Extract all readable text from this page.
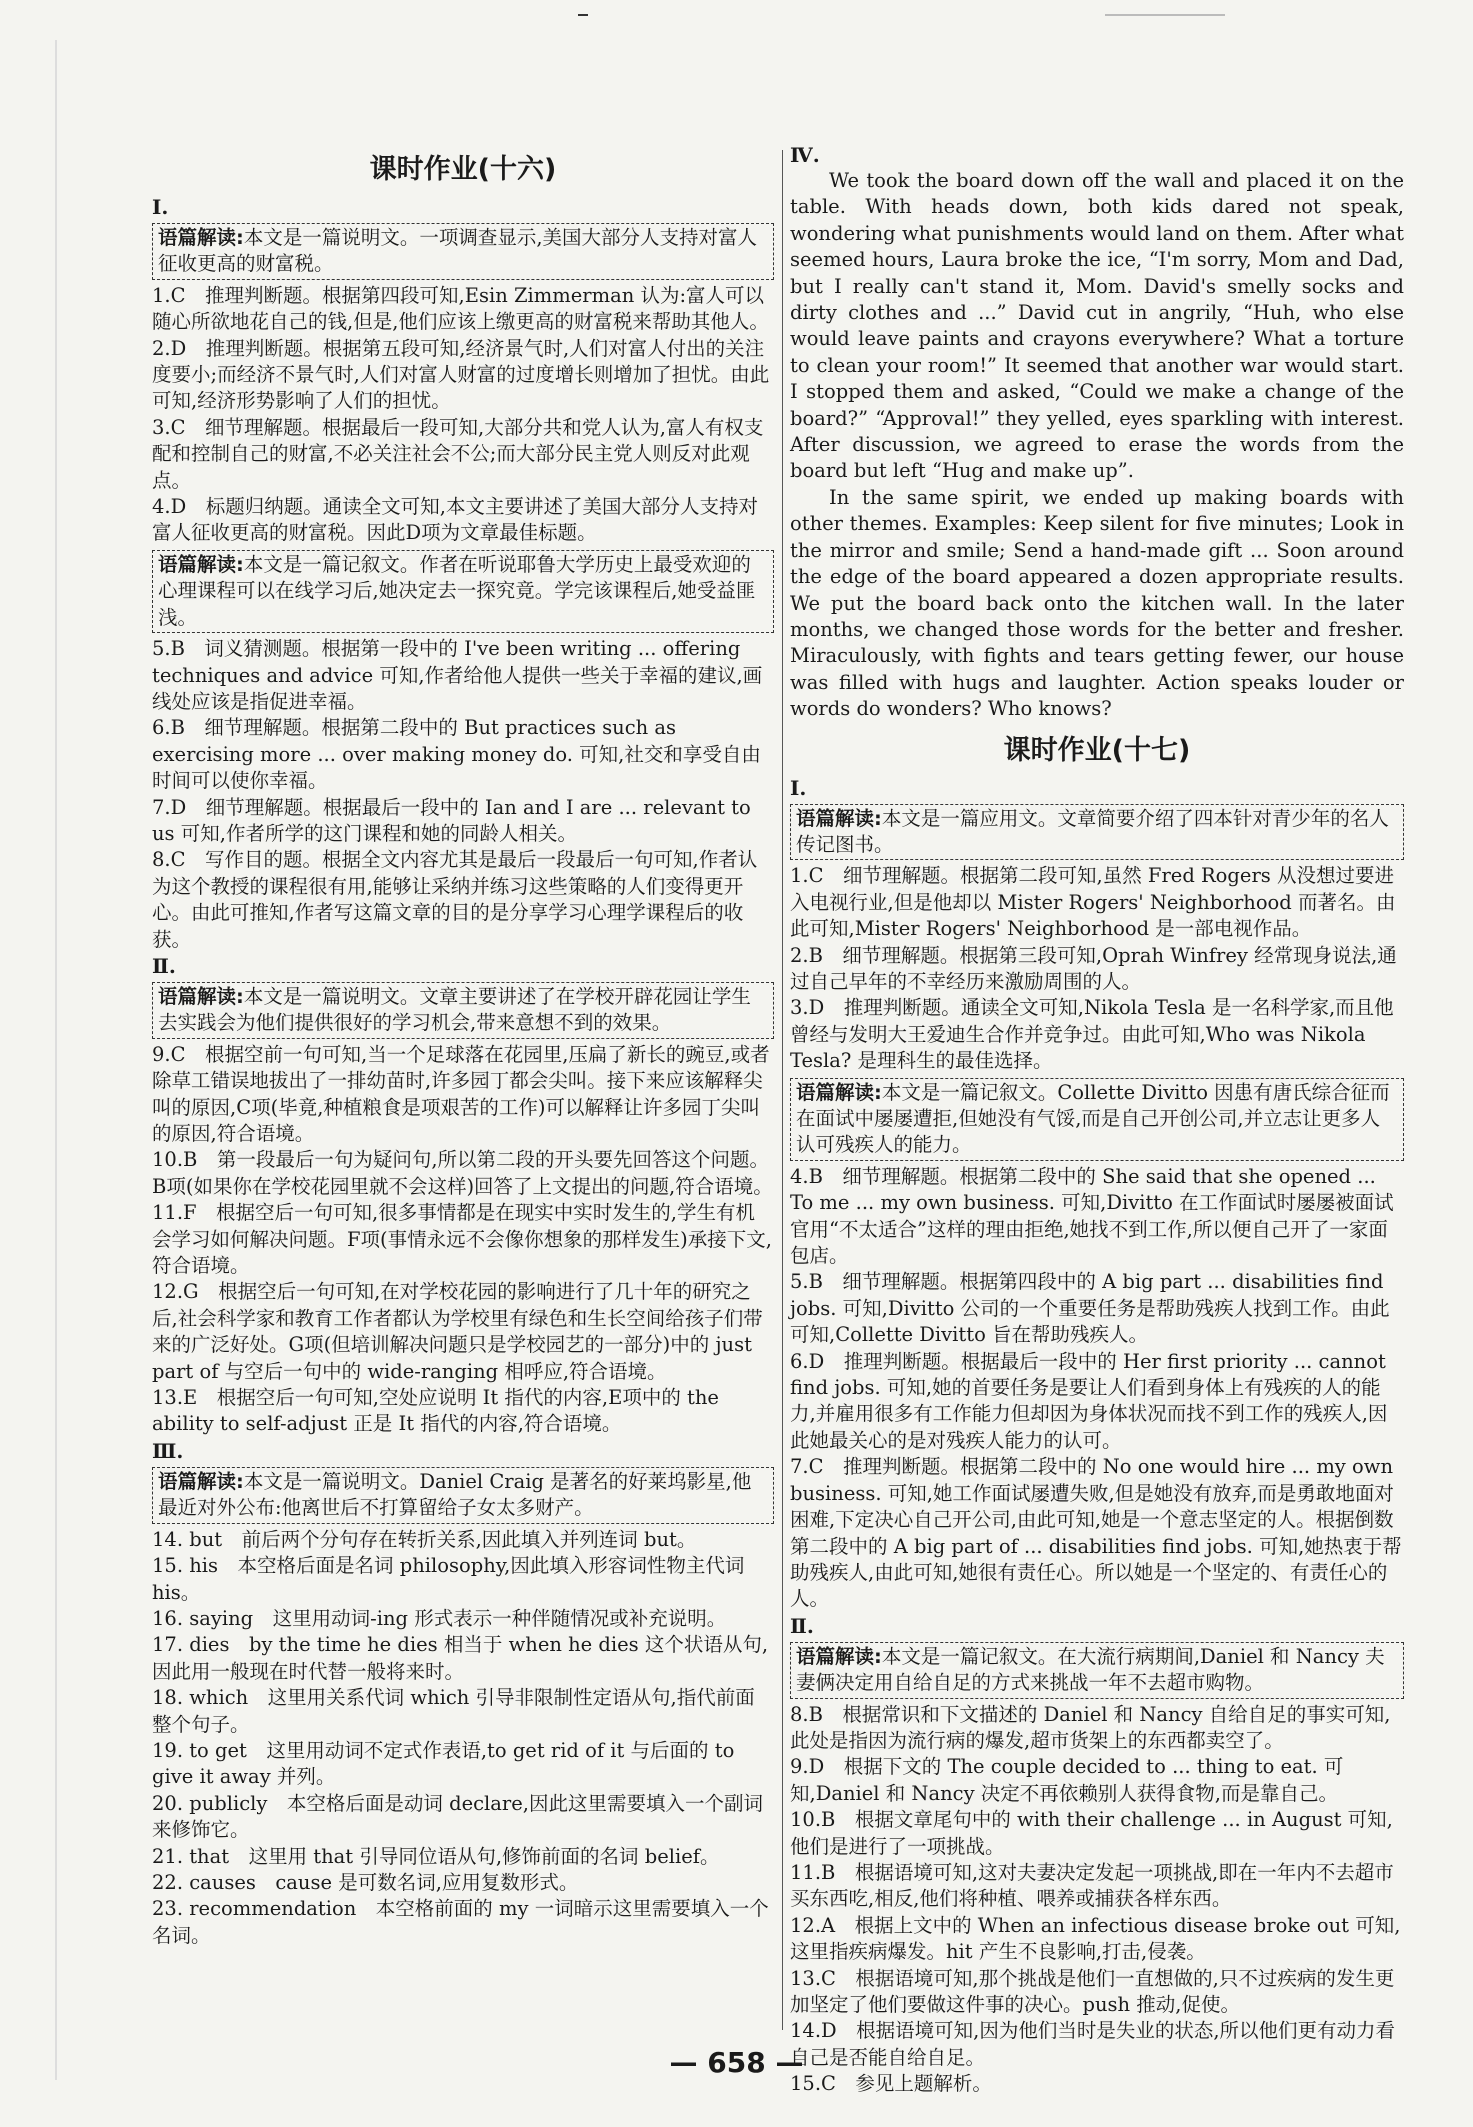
课时作业(十六)
Ⅰ.
语篇解读:本文是一篇说明文。一项调查显示,美国大部分人支持对富人征收更高的财富税。

1.C　推理判断题。根据第四段可知,Esin Zimmerman 认为:富人可以随心所欲地花自己的钱,但是,他们应该上缴更高的财富税来帮助其他人。

2.D　推理判断题。根据第五段可知,经济景气时,人们对富人付出的关注度要小;而经济不景气时,人们对富人财富的过度增长则增加了担忧。由此可知,经济形势影响了人们的担忧。

3.C　细节理解题。根据最后一段可知,大部分共和党人认为,富人有权支配和控制自己的财富,不必关注社会不公;而大部分民主党人则反对此观点。

4.D　标题归纳题。通读全文可知,本文主要讲述了美国大部分人支持对富人征收更高的财富税。因此D项为文章最佳标题。

语篇解读:本文是一篇记叙文。作者在听说耶鲁大学历史上最受欢迎的心理课程可以在线学习后,她决定去一探究竟。学完该课程后,她受益匪浅。

5.B　词义猜测题。根据第一段中的 I've been writing ... offering techniques and advice 可知,作者给他人提供一些关于幸福的建议,画线处应该是指促进幸福。

6.B　细节理解题。根据第二段中的 But practices such as exercising more ... over making money do. 可知,社交和享受自由时间可以使你幸福。

7.D　细节理解题。根据最后一段中的 Ian and I are ... relevant to us 可知,作者所学的这门课程和她的同龄人相关。

8.C　写作目的题。根据全文内容尤其是最后一段最后一句可知,作者认为这个教授的课程很有用,能够让采纳并练习这些策略的人们变得更开心。由此可推知,作者写这篇文章的目的是分享学习心理学课程后的收获。

Ⅱ.
语篇解读:本文是一篇说明文。文章主要讲述了在学校开辟花园让学生去实践会为他们提供很好的学习机会,带来意想不到的效果。

9.C　根据空前一句可知,当一个足球落在花园里,压扁了新长的豌豆,或者除草工错误地拔出了一排幼苗时,许多园丁都会尖叫。接下来应该解释尖叫的原因,C项(毕竟,种植粮食是项艰苦的工作)可以解释让许多园丁尖叫的原因,符合语境。

10.B　第一段最后一句为疑问句,所以第二段的开头要先回答这个问题。B项(如果你在学校花园里就不会这样)回答了上文提出的问题,符合语境。

11.F　根据空后一句可知,很多事情都是在现实中实时发生的,学生有机会学习如何解决问题。F项(事情永远不会像你想象的那样发生)承接下文,符合语境。

12.G　根据空后一句可知,在对学校花园的影响进行了几十年的研究之后,社会科学家和教育工作者都认为学校里有绿色和生长空间给孩子们带来的广泛好处。G项(但培训解决问题只是学校园艺的一部分)中的 just part of 与空后一句中的 wide-ranging 相呼应,符合语境。

13.E　根据空后一句可知,空处应说明 It 指代的内容,E项中的 the ability to self-adjust 正是 It 指代的内容,符合语境。

Ⅲ.
语篇解读:本文是一篇说明文。Daniel Craig 是著名的好莱坞影星,他最近对外公布:他离世后不打算留给子女太多财产。

14. but　前后两个分句存在转折关系,因此填入并列连词 but。

15. his　本空格后面是名词 philosophy,因此填入形容词性物主代词 his。

16. saying　这里用动词-ing 形式表示一种伴随情况或补充说明。

17. dies　by the time he dies 相当于 when he dies 这个状语从句,因此用一般现在时代替一般将来时。

18. which　这里用关系代词 which 引导非限制性定语从句,指代前面整个句子。

19. to get　这里用动词不定式作表语,to get rid of it 与后面的 to give it away 并列。

20. publicly　本空格后面是动词 declare,因此这里需要填入一个副词来修饰它。

21. that　这里用 that 引导同位语从句,修饰前面的名词 belief。

22. causes　cause 是可数名词,应用复数形式。

23. recommendation　本空格前面的 my 一词暗示这里需要填入一个名词。

Ⅳ.

We took the board down off the wall and placed it on the table. With heads down, both kids dared not speak, wondering what punishments would land on them. After what seemed hours, Laura broke the ice, “I'm sorry, Mom and Dad, but I really can't stand it, Mom. David's smelly socks and dirty clothes and ...” David cut in angrily, “Huh, who else would leave paints and crayons everywhere? What a torture to clean your room!” It seemed that another war would start. I stopped them and asked, “Could we make a change of the board?” “Approval!” they yelled, eyes sparkling with interest. After discussion, we agreed to erase the words from the board but left “Hug and make up”.

In the same spirit, we ended up making boards with other themes. Examples: Keep silent for five minutes; Look in the mirror and smile; Send a hand-made gift ... Soon around the edge of the board appeared a dozen appropriate results. We put the board back onto the kitchen wall. In the later months, we changed those words for the better and fresher. Miraculously, with fights and tears getting fewer, our house was filled with hugs and laughter. Action speaks louder or words do wonders? Who knows?

课时作业(十七)
Ⅰ.
语篇解读:本文是一篇应用文。文章简要介绍了四本针对青少年的名人传记图书。

1.C　细节理解题。根据第二段可知,虽然 Fred Rogers 从没想过要进入电视行业,但是他却以 Mister Rogers' Neighborhood 而著名。由此可知,Mister Rogers' Neighborhood 是一部电视作品。

2.B　细节理解题。根据第三段可知,Oprah Winfrey 经常现身说法,通过自己早年的不幸经历来激励周围的人。

3.D　推理判断题。通读全文可知,Nikola Tesla 是一名科学家,而且他曾经与发明大王爱迪生合作并竞争过。由此可知,Who was Nikola Tesla? 是理科生的最佳选择。

语篇解读:本文是一篇记叙文。Collette Divitto 因患有唐氏综合征而在面试中屡屡遭拒,但她没有气馁,而是自己开创公司,并立志让更多人认可残疾人的能力。

4.B　细节理解题。根据第二段中的 She said that she opened ... To me ... my own business. 可知,Divitto 在工作面试时屡屡被面试官用“不太适合”这样的理由拒绝,她找不到工作,所以便自己开了一家面包店。

5.B　细节理解题。根据第四段中的 A big part ... disabilities find jobs. 可知,Divitto 公司的一个重要任务是帮助残疾人找到工作。由此可知,Collette Divitto 旨在帮助残疾人。

6.D　推理判断题。根据最后一段中的 Her first priority ... cannot find jobs. 可知,她的首要任务是要让人们看到身体上有残疾的人的能力,并雇用很多有工作能力但却因为身体状况而找不到工作的残疾人,因此她最关心的是对残疾人能力的认可。

7.C　推理判断题。根据第二段中的 No one would hire ... my own business. 可知,她工作面试屡遭失败,但是她没有放弃,而是勇敢地面对困难,下定决心自己开公司,由此可知,她是一个意志坚定的人。根据倒数第二段中的 A big part of ... disabilities find jobs. 可知,她热衷于帮助残疾人,由此可知,她很有责任心。所以她是一个坚定的、有责任心的人。

Ⅱ.
语篇解读:本文是一篇记叙文。在大流行病期间,Daniel 和 Nancy 夫妻俩决定用自给自足的方式来挑战一年不去超市购物。

8.B　根据常识和下文描述的 Daniel 和 Nancy 自给自足的事实可知,此处是指因为流行病的爆发,超市货架上的东西都卖空了。

9.D　根据下文的 The couple decided to ... thing to eat. 可知,Daniel 和 Nancy 决定不再依赖别人获得食物,而是靠自己。

10.B　根据文章尾句中的 with their challenge ... in August 可知,他们是进行了一项挑战。

11.B　根据语境可知,这对夫妻决定发起一项挑战,即在一年内不去超市买东西吃,相反,他们将种植、喂养或捕获各样东西。

12.A　根据上文中的 When an infectious disease broke out 可知,这里指疾病爆发。hit 产生不良影响,打击,侵袭。

13.C　根据语境可知,那个挑战是他们一直想做的,只不过疾病的发生更加坚定了他们要做这件事的决心。push 推动,促使。

14.D　根据语境可知,因为他们当时是失业的状态,所以他们更有动力看自己是否能自给自足。

15.C　参见上题解析。

— 658 —
